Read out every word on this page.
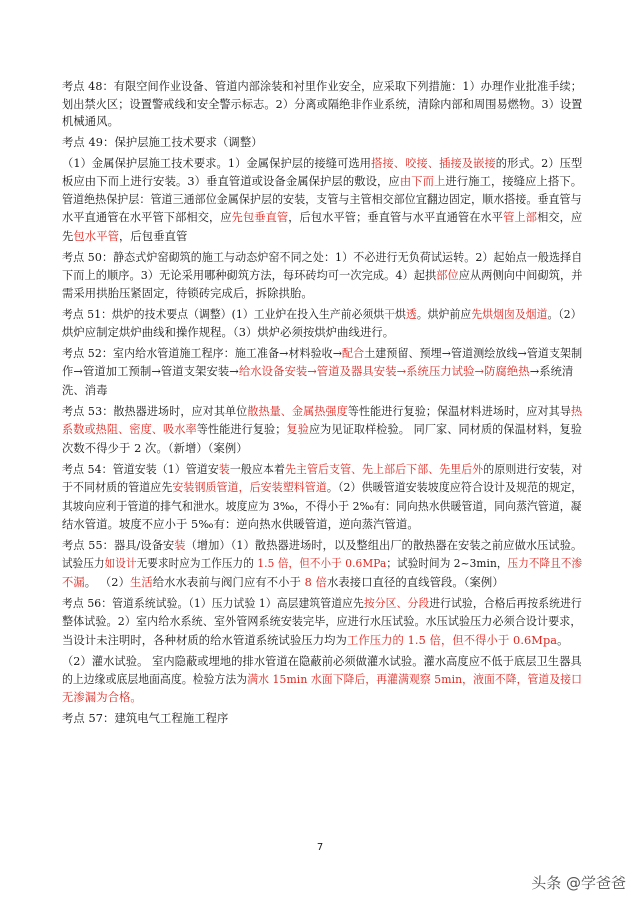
考点 48：有限空间作业设备、管道内部涂装和衬里作业安全，应采取下列措施：1）办理作业批准手续；
划出禁火区；设置警戒线和安全警示标志。2）分离或隔绝非作业系统，清除内部和周围易燃物。3）设置
机械通风。
考点 49：保护层施工技术要求（调整）
（1）金属保护层施工技术要求。1）金属保护层的接缝可选用搭接、咬接、插接及嵌接的形式。2）压型
板应由下而上进行安装。3）垂直管道或设备金属保护层的敷设，应由下而上进行施工，接缝应上搭下。
管道绝热保护层：管道三通部位金属保护层的安装，支管与主管相交部位宜翻边固定，顺水搭接。垂直管与
水平直通管在水平管下部相交，应先包垂直管，后包水平管；垂直管与水平直通管在水平管上部相交，应
先包水平管，后包垂直管
考点 50：静态式炉窑砌筑的施工与动态炉窑不同之处：1）不必进行无负荷试运转。2）起始点一般选择自
下而上的顺序。3）无论采用哪种砌筑方法，每环砖均可一次完成。4）起拱部位应从两侧向中间砌筑，并
需采用拱胎压紧固定，待锁砖完成后，拆除拱胎。
考点 51：烘炉的技术要点（调整）(1）工业炉在投入生产前必须烘干烘透。烘炉前应先烘烟囱及烟道。（2）
烘炉应制定烘炉曲线和操作规程。（3）烘炉必须按烘炉曲线进行。
考点 52：室内给水管道施工程序：施工准备→材料验收→配合土建预留、预埋→管道测绘放线→管道支架制
作→管道加工预制→管道支架安装→给水设备安装→管道及器具安装→系统压力试验→防腐绝热→系统清
洗、消毒
考点 53：散热器进场时，应对其单位散热量、金属热强度等性能进行复验；保温材料进场时，应对其导热
系数或热阻、密度、吸水率等性能进行复验；复验应为见证取样检验。 同厂家、同材质的保温材料，复验
次数不得少于 2 次。（新增）（案例）
考点 54：管道安装（1）管道安装一般应本着先主管后支管、先上部后下部、先里后外的原则进行安装，对
于不同材质的管道应先安装钢质管道，后安装塑料管道。（2）供暖管道安装坡度应符合设计及规范的规定，
其坡向应利于管道的排气和泄水。坡度应为 3‰，不得小于 2‰有：同向热水供暖管道，同向蒸汽管道，凝
结水管道。坡度不应小于 5‰有：逆向热水供暖管道，逆向蒸汽管道。
考点 55：器具/设备安装（增加）（1）散热器进场时，以及整组出厂的散热器在安装之前应做水压试验。
试验压力如设计无要求时应为工作压力的 1.5 倍，但不小于 0.6MPa；试验时间为 2~3min，压力不降且不渗
不漏。 （2）生活给水水表前与阀门应有不小于 8 倍水表接口直径的直线管段。（案例）
考点 56：管道系统试验。（1）压力试验 1）高层建筑管道应先按分区、分段进行试验，合格后再按系统进行
整体试验。2）室内给水系统、室外管网系统安装完毕，应进行水压试验。水压试验压力必须合设计要求，
当设计未注明时，各种材质的给水管道系统试验压力均为工作压力的 1.5 倍，但不得小于 0.6Mpa。
（2）灌水试验。 室内隐蔽或埋地的排水管道在隐蔽前必须做灌水试验。灌水高度应不低于底层卫生器具
的上边缘或底层地面高度。检验方法为满水 15min 水面下降后，再灌满观察 5min，液面不降，管道及接口
无渗漏为合格。
考点 57：建筑电气工程施工程序
7
头条 @学爸爸
